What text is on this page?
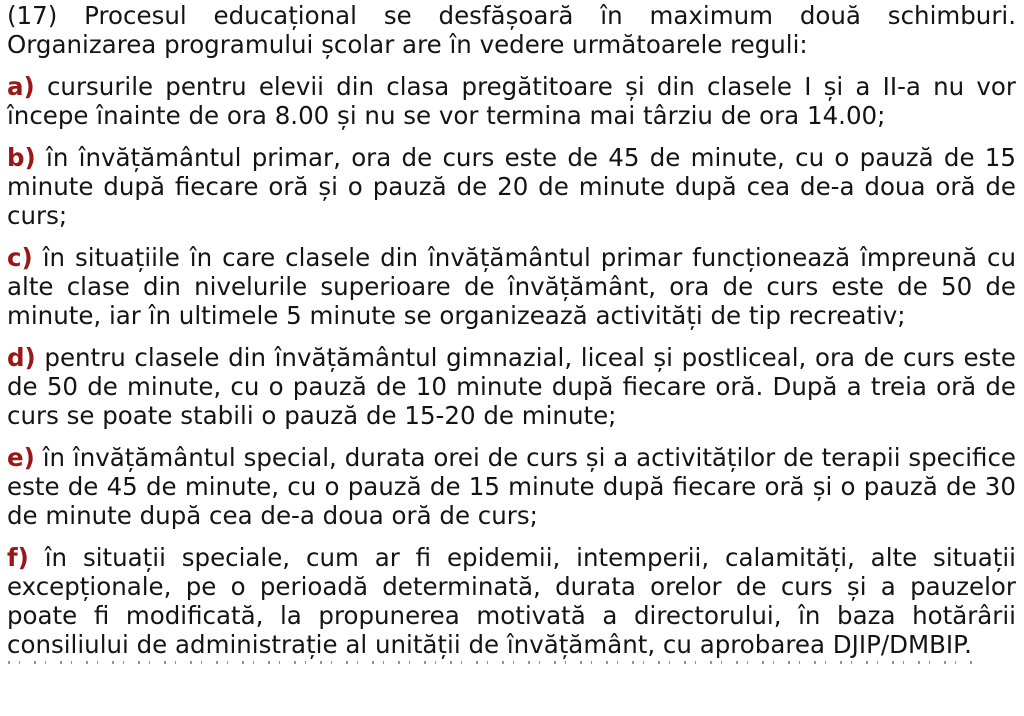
(17) Procesul educațional se desfășoară în maximum două schimburi. Organizarea programului școlar are în vedere următoarele reguli:

a) cursurile pentru elevii din clasa pregătitoare și din clasele I și a II-a nu vor începe înainte de ora 8.00 și nu se vor termina mai târziu de ora 14.00;

b) în învățământul primar, ora de curs este de 45 de minute, cu o pauză de 15 minute după fiecare oră și o pauză de 20 de minute după cea de-a doua oră de curs;

c) în situațiile în care clasele din învățământul primar funcționează împreună cu alte clase din nivelurile superioare de învățământ, ora de curs este de 50 de minute, iar în ultimele 5 minute se organizează activități de tip recreativ;

d) pentru clasele din învățământul gimnazial, liceal și postliceal, ora de curs este de 50 de minute, cu o pauză de 10 minute după fiecare oră. După a treia oră de curs se poate stabili o pauză de 15-20 de minute;

e) în învățământul special, durata orei de curs și a activităților de terapii specifice este de 45 de minute, cu o pauză de 15 minute după fiecare oră și o pauză de 30 de minute după cea de-a doua oră de curs;

f) în situații speciale, cum ar fi epidemii, intemperii, calamități, alte situații excepționale, pe o perioadă determinată, durata orelor de curs și a pauzelor poate fi modificată, la propunerea motivată a directorului, în baza hotărârii consiliului de administrație al unității de învățământ, cu aprobarea DJIP/DMBIP.
